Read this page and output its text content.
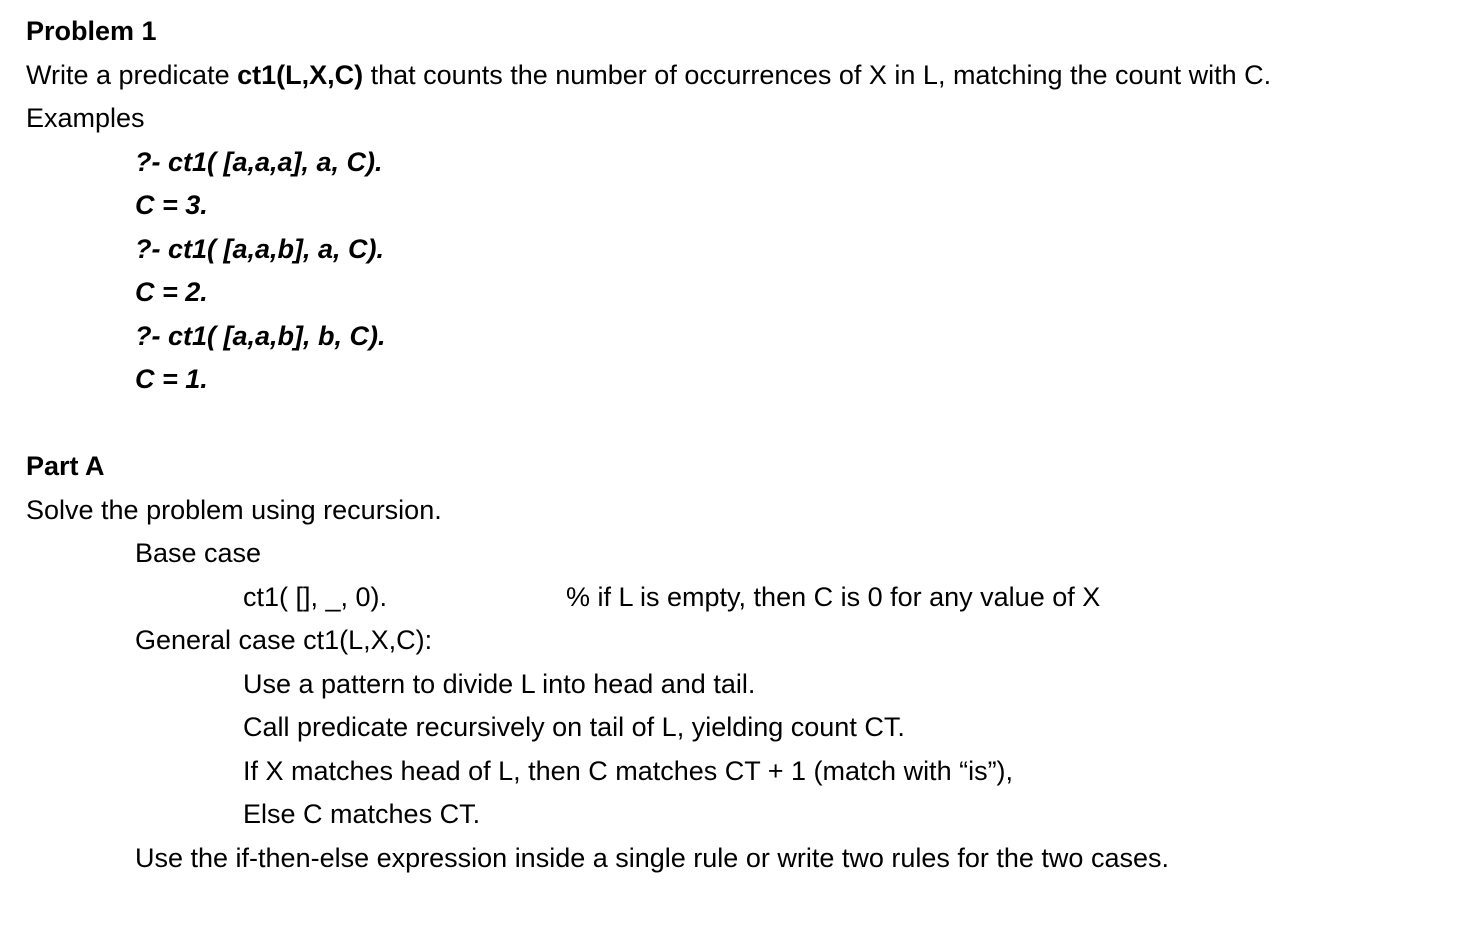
Problem 1
Write a predicate ct1(L,X,C) that counts the number of occurrences of X in L, matching the count with C.
Examples
?- ct1( [a,a,a], a, C).
C = 3.
?- ct1( [a,a,b], a, C).
C = 2.
?- ct1( [a,a,b], b, C).
C = 1.
Part A
Solve the problem using recursion.
Base case
ct1( [], _, 0).	% if L is empty, then C is 0 for any value of X
General case ct1(L,X,C):
Use a pattern to divide L into head and tail.
Call predicate recursively on tail of L, yielding count CT.
If X matches head of L, then C matches CT + 1 (match with “is”),
Else C matches CT.
Use the if-then-else expression inside a single rule or write two rules for the two cases.
